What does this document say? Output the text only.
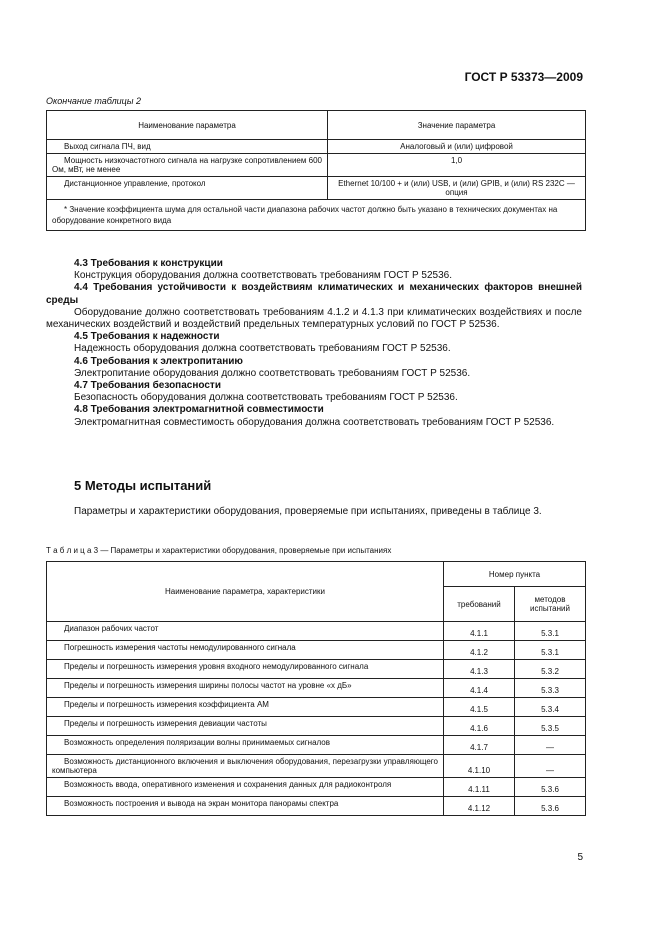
ГОСТ Р 53373—2009
Окончание таблицы 2
Наименование параметра	Значение параметра
Выход сигнала ПЧ, вид	Аналоговый и (или) цифровой
Мощность низкочастотного сигнала на нагрузке сопротивлением 600 Ом, мВт, не менее	1,0
Дистанционное управление, протокол	Ethernet 10/100 + и (или) USB, и (или) GPIB, и (или) RS 232C — опция
* Значение коэффициента шума для остальной части диапазона рабочих частот должно быть указано в технических документах на оборудование конкретного вида	
4.3 Требования к конструкции

Конструкция оборудования должна соответствовать требованиям ГОСТ Р 52536.

4.4 Требования устойчивости к воздействиям климатических и механических факторов внешней среды

Оборудование должно соответствовать требованиям 4.1.2 и 4.1.3 при климатических воздействиях и после механических воздействий и воздействий предельных температурных условий по ГОСТ Р 52536.

4.5 Требования к надежности

Надежность оборудования должна соответствовать требованиям ГОСТ Р 52536.

4.6 Требования к электропитанию

Электропитание оборудования должно соответствовать требованиям ГОСТ Р 52536.

4.7 Требования безопасности

Безопасность оборудования должна соответствовать требованиям ГОСТ Р 52536.

4.8 Требования электромагнитной совместимости

Электромагнитная совместимость оборудования должна соответствовать требованиям ГОСТ Р 52536.

5 Методы испытаний
Параметры и характеристики оборудования, проверяемые при испытаниях, приведены в таблице 3.
Т а б л и ц а 3 — Параметры и характеристики оборудования, проверяемые при испытаниях
Наименование параметра, характеристики	Номер пункта	
	требований	методов испытаний
Диапазон рабочих частот	4.1.1	5.3.1
Погрешность измерения частоты немодулированного сигнала	4.1.2	5.3.1
Пределы и погрешность измерения уровня входного немодулированного сигнала	4.1.3	5.3.2
Пределы и погрешность измерения ширины полосы частот на уровне «x дБ»	4.1.4	5.3.3
Пределы и погрешность измерения коэффициента АМ	4.1.5	5.3.4
Пределы и погрешность измерения девиации частоты	4.1.6	5.3.5
Возможность определения поляризации волны принимаемых сигналов	4.1.7	—
Возможность дистанционного включения и выключения оборудования, перезагрузки управляющего компьютера	4.1.10	—
Возможность ввода, оперативного изменения и сохранения данных для радиоконтроля	4.1.11	5.3.6
Возможность построения и вывода на экран монитора панорамы спектра	4.1.12	5.3.6
5
